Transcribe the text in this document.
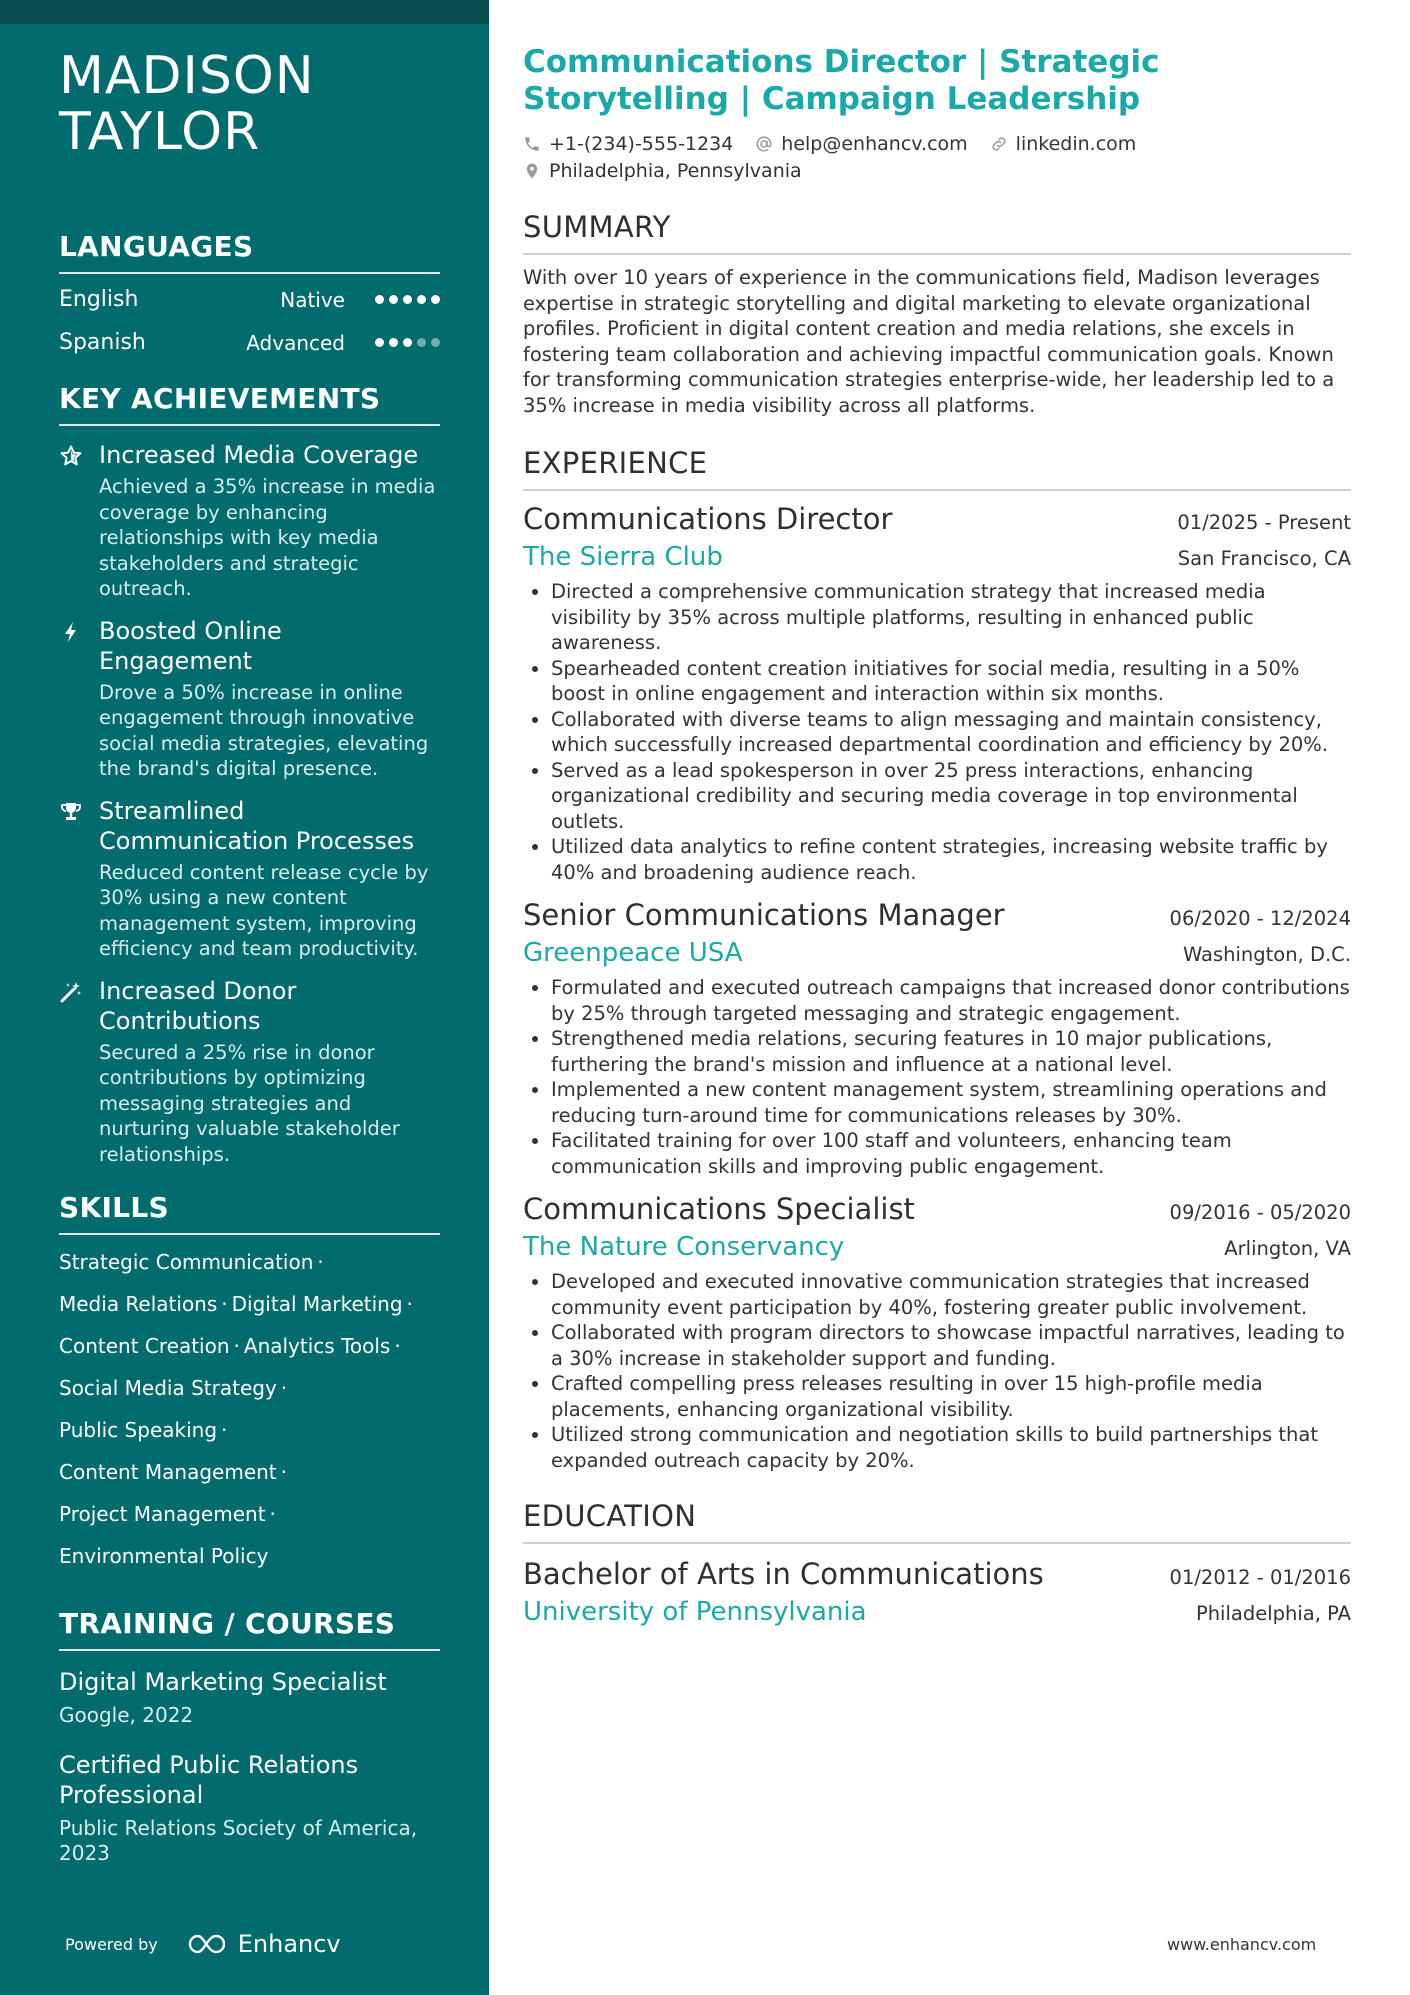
MADISON
TAYLOR
LANGUAGES
English	Native
Spanish	Advanced
KEY ACHIEVEMENTS
Increased Media Coverage
Achieved a 35% increase in media coverage by enhancing relationships with key media stakeholders and strategic outreach.
Boosted Online Engagement
Drove a 50% increase in online engagement through innovative social media strategies, elevating the brand's digital presence.
Streamlined Communication Processes
Reduced content release cycle by 30% using a new content management system, improving efficiency and team productivity.
Increased Donor Contributions
Secured a 25% rise in donor contributions by optimizing messaging strategies and nurturing valuable stakeholder relationships.
SKILLS
Strategic Communication ·
Media Relations · Digital Marketing ·
Content Creation · Analytics Tools ·
Social Media Strategy ·
Public Speaking ·
Content Management ·
Project Management ·
Environmental Policy
TRAINING / COURSES
Digital Marketing Specialist
Google, 2022
Certified Public Relations Professional
Public Relations Society of America, 2023
Powered by	Enhancv
Communications Director | Strategic Storytelling | Campaign Leadership
+1-(234)-555-1234	help@enhancv.com	linkedin.com
Philadelphia, Pennsylvania
SUMMARY
With over 10 years of experience in the communications field, Madison leverages expertise in strategic storytelling and digital marketing to elevate organizational profiles. Proficient in digital content creation and media relations, she excels in fostering team collaboration and achieving impactful communication goals. Known for transforming communication strategies enterprise-wide, her leadership led to a 35% increase in media visibility across all platforms.
EXPERIENCE
Communications Director	01/2025 - Present
The Sierra Club	San Francisco, CA
• Directed a comprehensive communication strategy that increased media visibility by 35% across multiple platforms, resulting in enhanced public awareness.
• Spearheaded content creation initiatives for social media, resulting in a 50% boost in online engagement and interaction within six months.
• Collaborated with diverse teams to align messaging and maintain consistency, which successfully increased departmental coordination and efficiency by 20%.
• Served as a lead spokesperson in over 25 press interactions, enhancing organizational credibility and securing media coverage in top environmental outlets.
• Utilized data analytics to refine content strategies, increasing website traffic by 40% and broadening audience reach.
Senior Communications Manager	06/2020 - 12/2024
Greenpeace USA	Washington, D.C.
• Formulated and executed outreach campaigns that increased donor contributions by 25% through targeted messaging and strategic engagement.
• Strengthened media relations, securing features in 10 major publications, furthering the brand's mission and influence at a national level.
• Implemented a new content management system, streamlining operations and reducing turn-around time for communications releases by 30%.
• Facilitated training for over 100 staff and volunteers, enhancing team communication skills and improving public engagement.
Communications Specialist	09/2016 - 05/2020
The Nature Conservancy	Arlington, VA
• Developed and executed innovative communication strategies that increased community event participation by 40%, fostering greater public involvement.
• Collaborated with program directors to showcase impactful narratives, leading to a 30% increase in stakeholder support and funding.
• Crafted compelling press releases resulting in over 15 high-profile media placements, enhancing organizational visibility.
• Utilized strong communication and negotiation skills to build partnerships that expanded outreach capacity by 20%.
EDUCATION
Bachelor of Arts in Communications	01/2012 - 01/2016
University of Pennsylvania	Philadelphia, PA
www.enhancv.com
